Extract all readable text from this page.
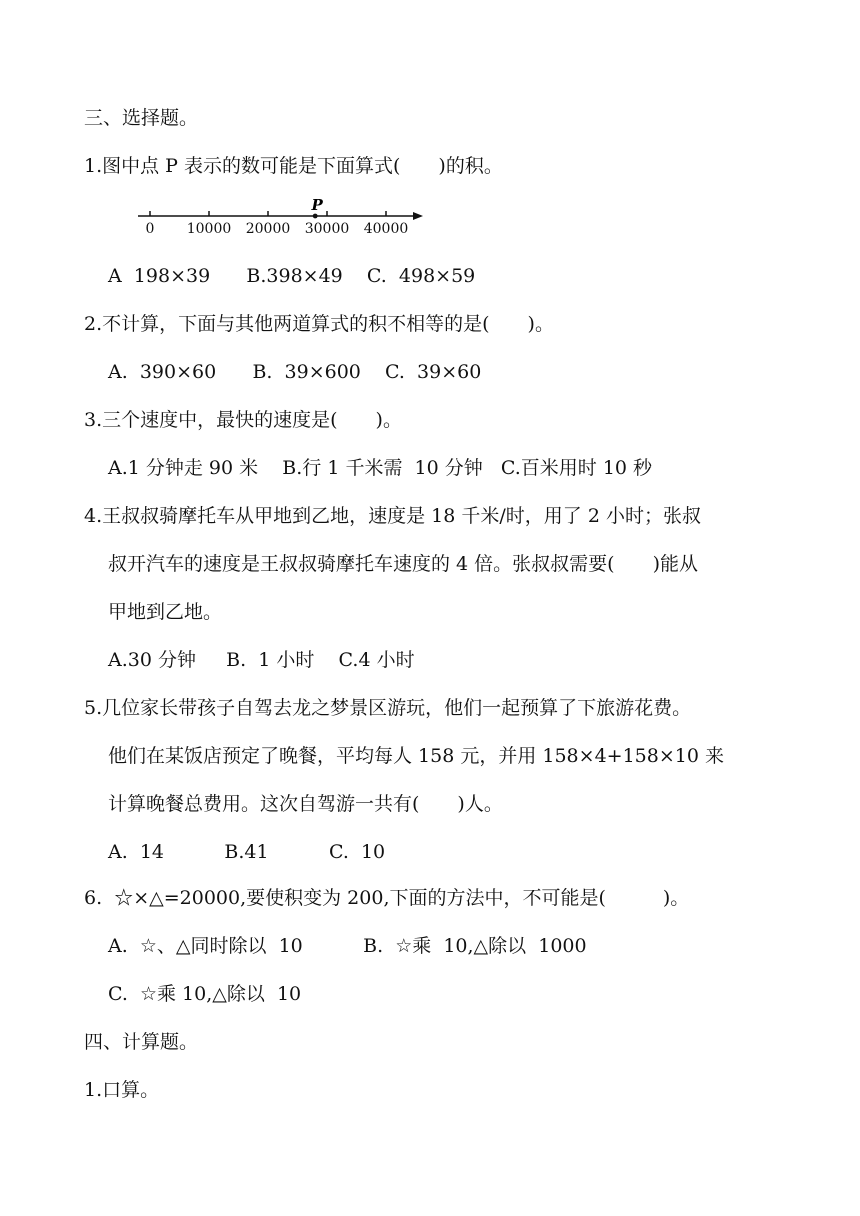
三、选择题。
1.图中点 P 表示的数可能是下面算式(　　)的积。
0 10000 20000 30000 40000
P
A  198×39      B.398×49    C.  498×59
2.不计算，下面与其他两道算式的积不相等的是(　　)。
A.  390×60      B.  39×600    C.  39×60
3.三个速度中，最快的速度是(　　)。
A.1 分钟走 90 米    B.行 1 千米需  10 分钟   C.百米用时 10 秒
4.王叔叔骑摩托车从甲地到乙地，速度是 18 千米/时，用了 2 小时；张叔
叔开汽车的速度是王叔叔骑摩托车速度的 4 倍。张叔叔需要(　　)能从
甲地到乙地。
A.30 分钟     B.  1 小时    C.4 小时
5.几位家长带孩子自驾去龙之梦景区游玩，他们一起预算了下旅游花费。
他们在某饭店预定了晚餐，平均每人 158 元，并用 158×4+158×10 来
计算晚餐总费用。这次自驾游一共有(　　)人。
A.  14          B.41          C.  10
6.  ☆×△=20000,要使积变为 200,下面的方法中，不可能是(　　　)。
A.  ☆、△同时除以  10          B.  ☆乘  10,△除以  1000
C.  ☆乘 10,△除以  10
四、计算题。
1.口算。
